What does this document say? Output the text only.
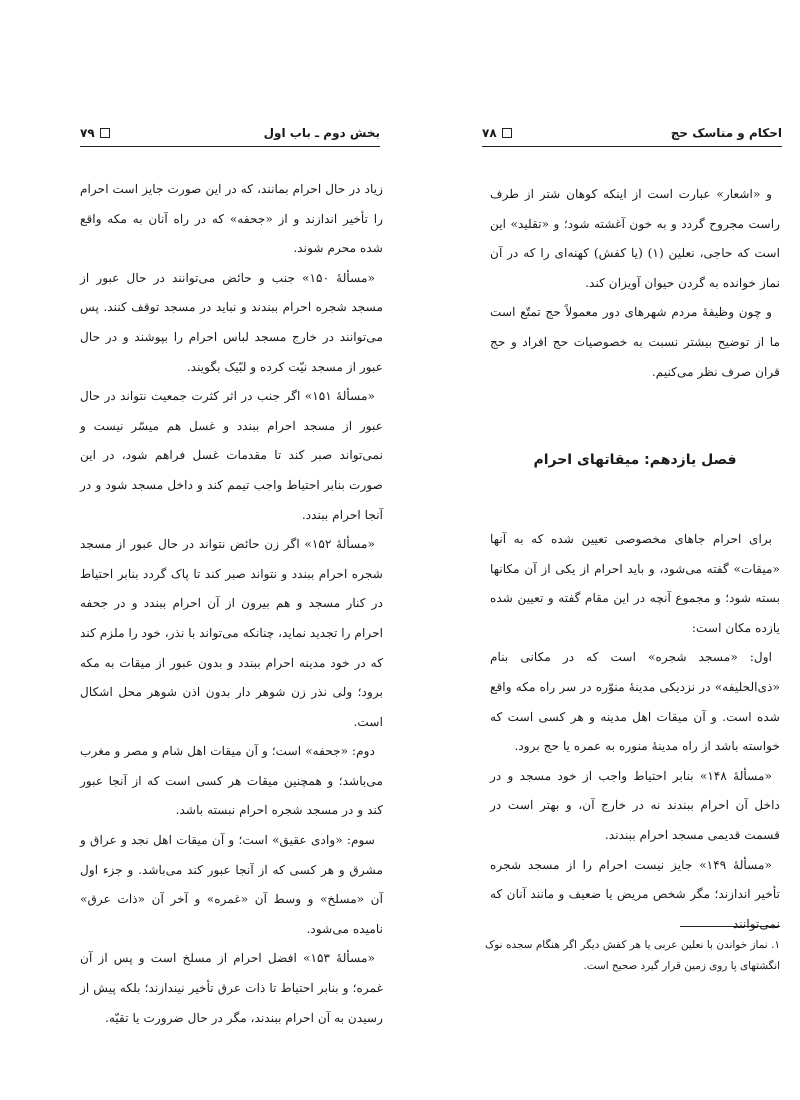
بخش دوم ـ باب اول
۷۹

زیاد در حال احرام بمانند، که در این صورت جایز است احرام را تأخیر اندازند و از «جحفه» که در راه آنان به مکه واقع شده محرم شوند.

«مسألهٔ ۱۵۰» جنب و حائض می‌توانند در حال عبور از مسجد شجره احرام ببندند و نباید در مسجد توقف کنند. پس می‌توانند در خارج مسجد لباس احرام را بپوشند و در حال عبور از مسجد نیّت کرده و لبّیک بگویند.

«مسألهٔ ۱۵۱» اگر جنب در اثر کثرت جمعیت نتواند در حال عبور از مسجد احرام ببندد و غسل هم میسّر نیست و نمی‌تواند صبر کند تا مقدمات غسل فراهم شود، در این صورت بنابر احتیاط واجب تیمم کند و داخل مسجد شود و در آنجا احرام ببندد.

«مسألهٔ ۱۵۲» اگر زن حائض نتواند در حال عبور از مسجد شجره احرام ببندد و نتواند صبر کند تا پاک گردد بنابر احتیاط در کنار مسجد و هم بیرون از آن احرام ببندد و در جحفه احرام را تجدید نماید، چنانکه می‌تواند با نذر، خود را ملزم کند که در خود مدینه احرام ببندد و بدون عبور از میقات به مکه برود؛ ولی نذر زن شوهر دار بدون اذن شوهر محل اشکال است.

دوم: «جحفه» است؛ و آن میقات اهل شام و مصر و مغرب می‌باشد؛ و همچنین میقات هر کسی است که از آنجا عبور کند و در مسجد شجره احرام نبسته باشد.

سوم: «وادی عقیق» است؛ و آن میقات اهل نجد و عراق و مشرق و هر کسی که از آنجا عبور کند می‌باشد. و جزء اول آن «مسلخ» و وسط آن «غمره» و آخر آن «ذات عرق» نامیده می‌شود.

«مسألهٔ ۱۵۳» افضل احرام از مسلخ است و پس از آن غمره؛ و بنابر احتیاط تا ذات عرق تأخیر نیندازند؛ بلکه پیش از رسیدن به آن احرام ببندند، مگر در حال ضرورت یا تقیّه.

احکام و مناسک حج
۷۸

و «اشعار» عبارت است از اینکه کوهان شتر از طرف راست مجروح گردد و به خون آغشته شود؛ و «تقلید» این است که حاجی، نعلین (۱) (یا کفش) کهنه‌ای را که در آن نماز خوانده به گردن حیوان آویزان کند.

و چون وظیفهٔ مردم شهرهای دور معمولاً حج تمتّع است ما از توضیح بیشتر نسبت به خصوصیات حج افراد و حج قران صرف نظر می‌کنیم.

فصل یازدهم: میقاتهای احرام

برای احرام جاهای مخصوصی تعیین شده که به آنها «میقات» گفته می‌شود، و باید احرام از یکی از آن مکانها بسته شود؛ و مجموع آنچه در این مقام گفته و تعیین شده یازده مکان است:

اول: «مسجد شجره» است که در مکانی بنام «ذی‌الحلیفه» در نزدیکی مدینهٔ منوّره در سر راه مکه واقع شده است. و آن میقات اهل مدینه و هر کسی است که خواسته باشد از راه مدینهٔ منوره به عمره یا حج برود.

«مسألهٔ ۱۴۸» بنابر احتیاط واجب از خود مسجد و در داخل آن احرام ببندند نه در خارج آن، و بهتر است در قسمت قدیمی مسجد احرام ببندند.

«مسألهٔ ۱۴۹» جایز نیست احرام را از مسجد شجره تأخیر اندازند؛ مگر شخص مریض یا ضعیف و مانند آنان که نمی‌توانند

۱. نماز خواندن با نعلین عربی یا هر کفش دیگر اگر هنگام سجده نوک انگشتهای پا روی زمین قرار گیرد صحیح است.
